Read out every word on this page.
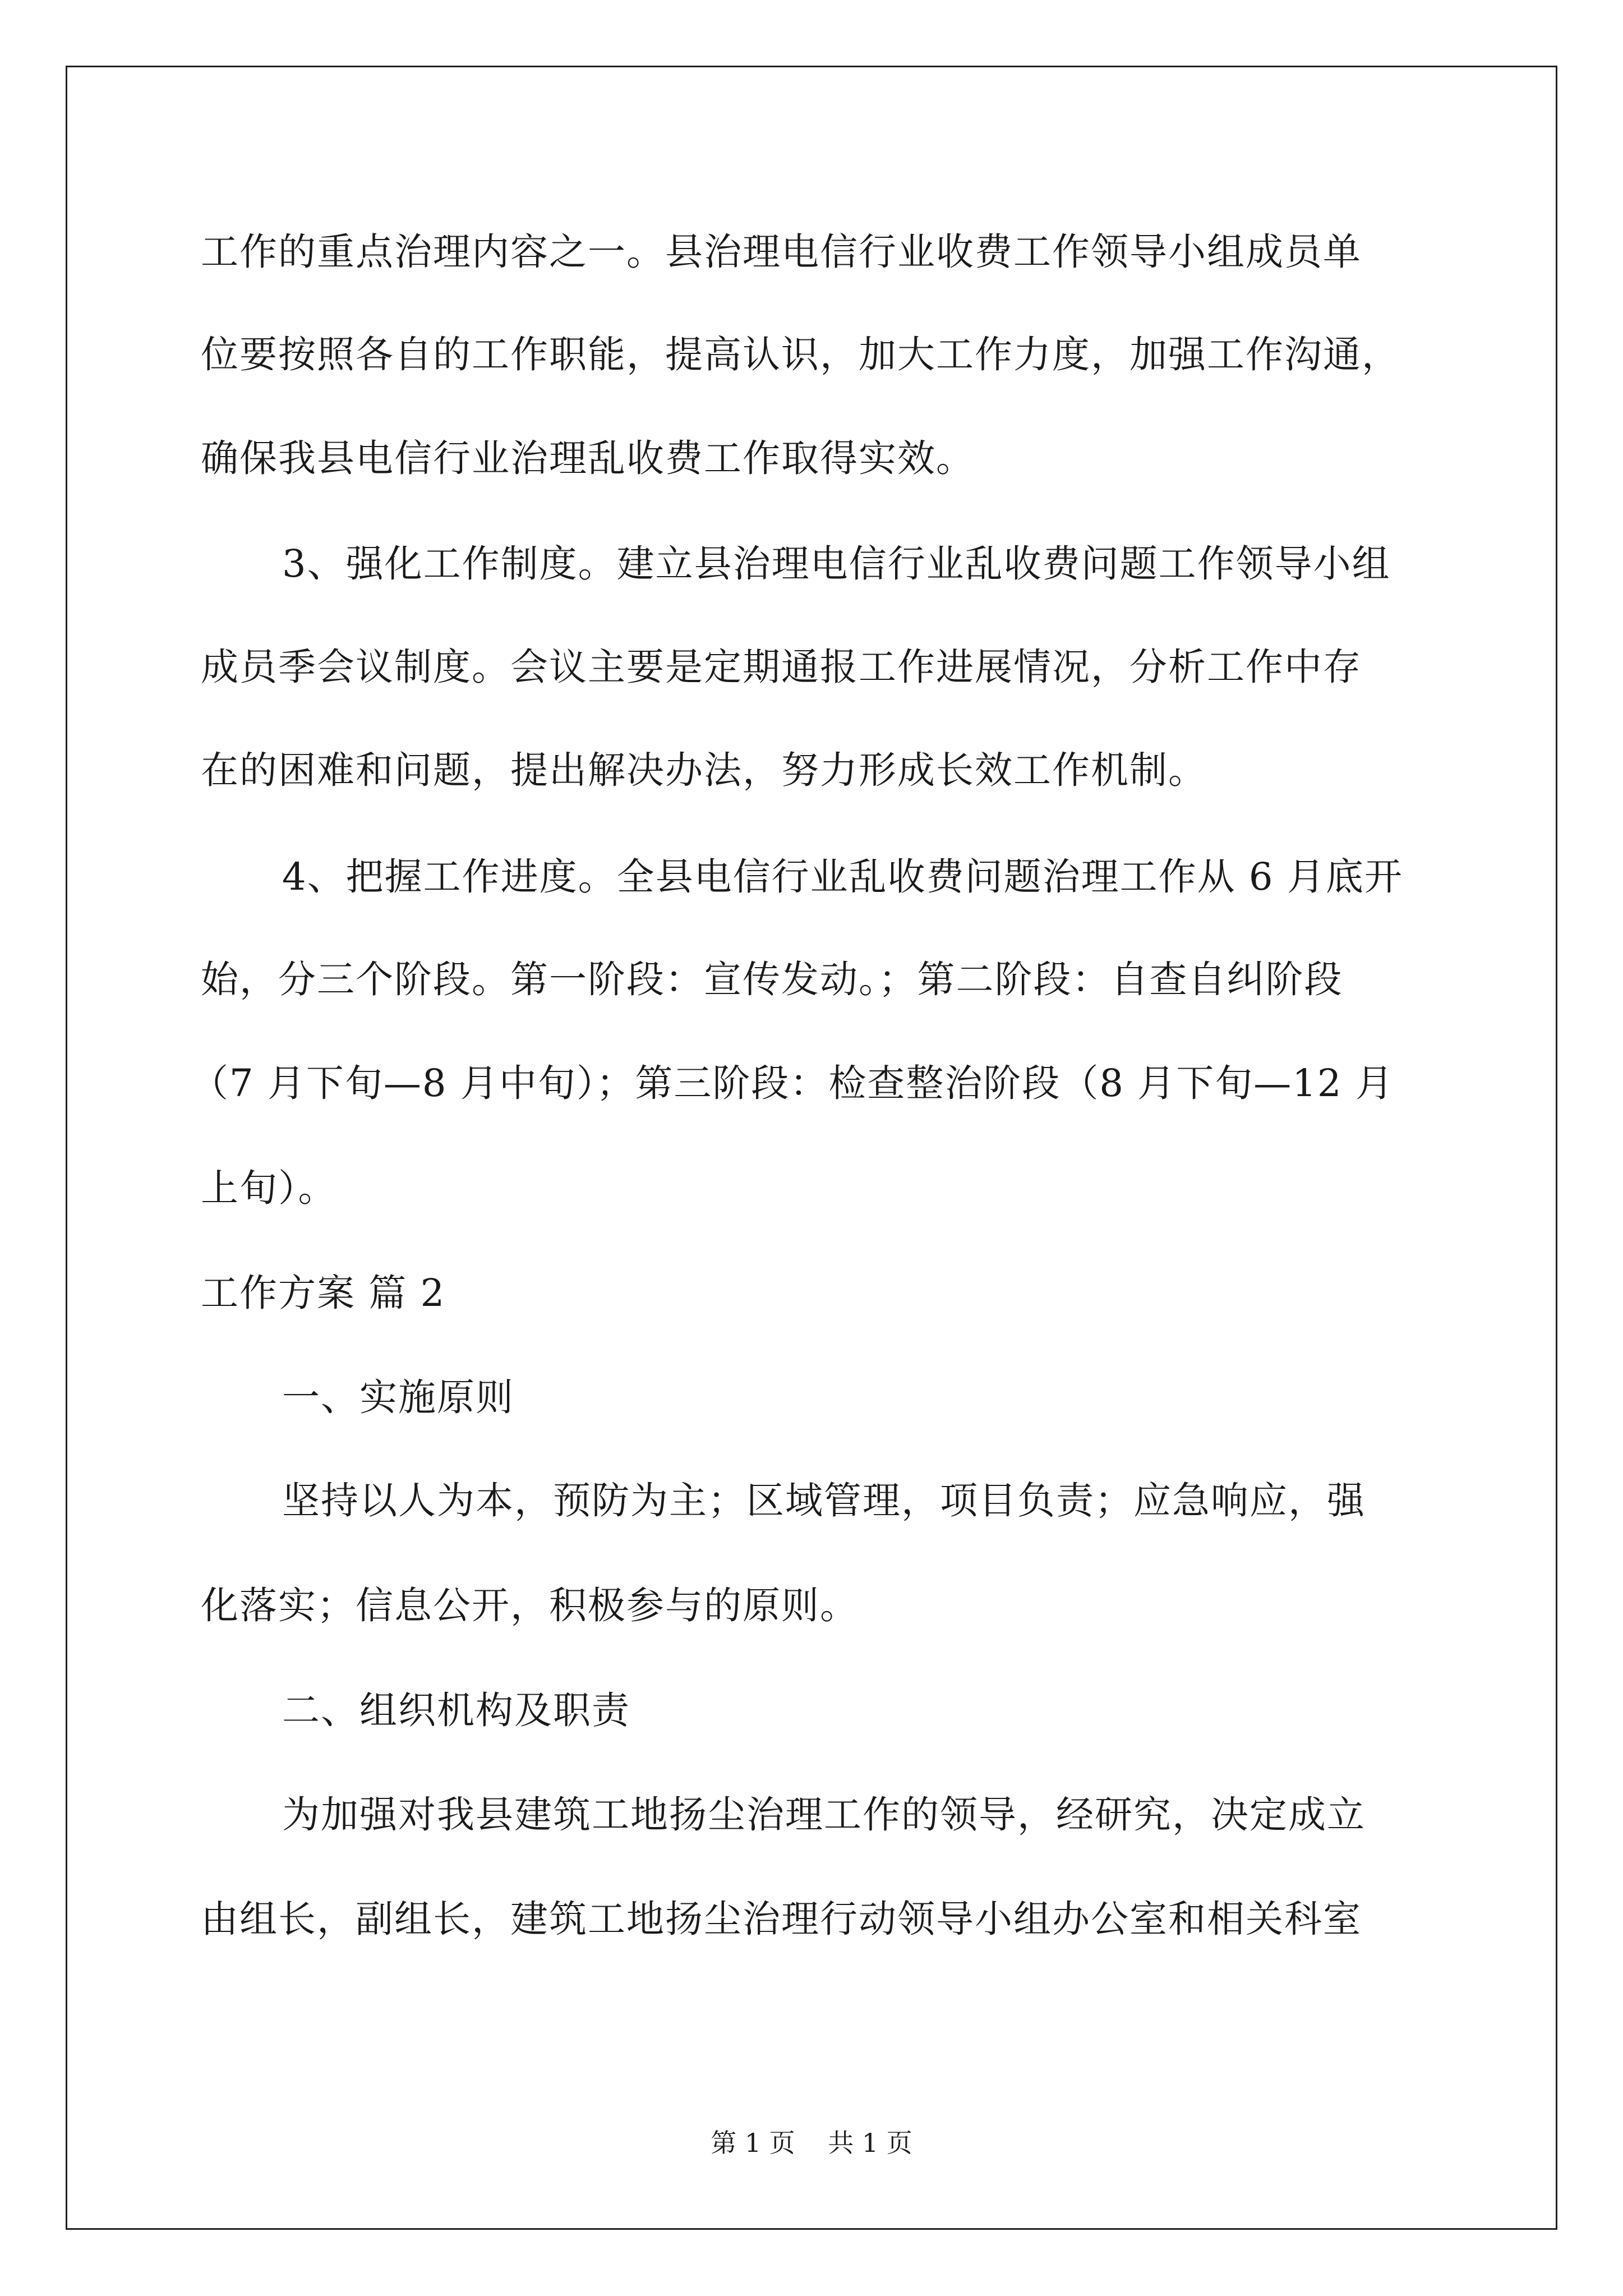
工作的重点治理内容之一。县治理电信行业收费工作领导小组成员单
位要按照各自的工作职能，提高认识，加大工作力度，加强工作沟通，
确保我县电信行业治理乱收费工作取得实效。
3、强化工作制度。建立县治理电信行业乱收费问题工作领导小组
成员季会议制度。会议主要是定期通报工作进展情况，分析工作中存
在的困难和问题，提出解决办法，努力形成长效工作机制。
4、把握工作进度。全县电信行业乱收费问题治理工作从 6 月底开
始，分三个阶段。第一阶段：宣传发动。；第二阶段：自查自纠阶段
（7 月下旬—8 月中旬）；第三阶段：检查整治阶段（8 月下旬—12 月
上旬）。
工作方案 篇 2
一、实施原则
坚持以人为本，预防为主；区域管理，项目负责；应急响应，强
化落实；信息公开，积极参与的原则。
二、组织机构及职责
为加强对我县建筑工地扬尘治理工作的领导，经研究，决定成立
由组长，副组长，建筑工地扬尘治理行动领导小组办公室和相关科室
第 1 页    共 1 页
